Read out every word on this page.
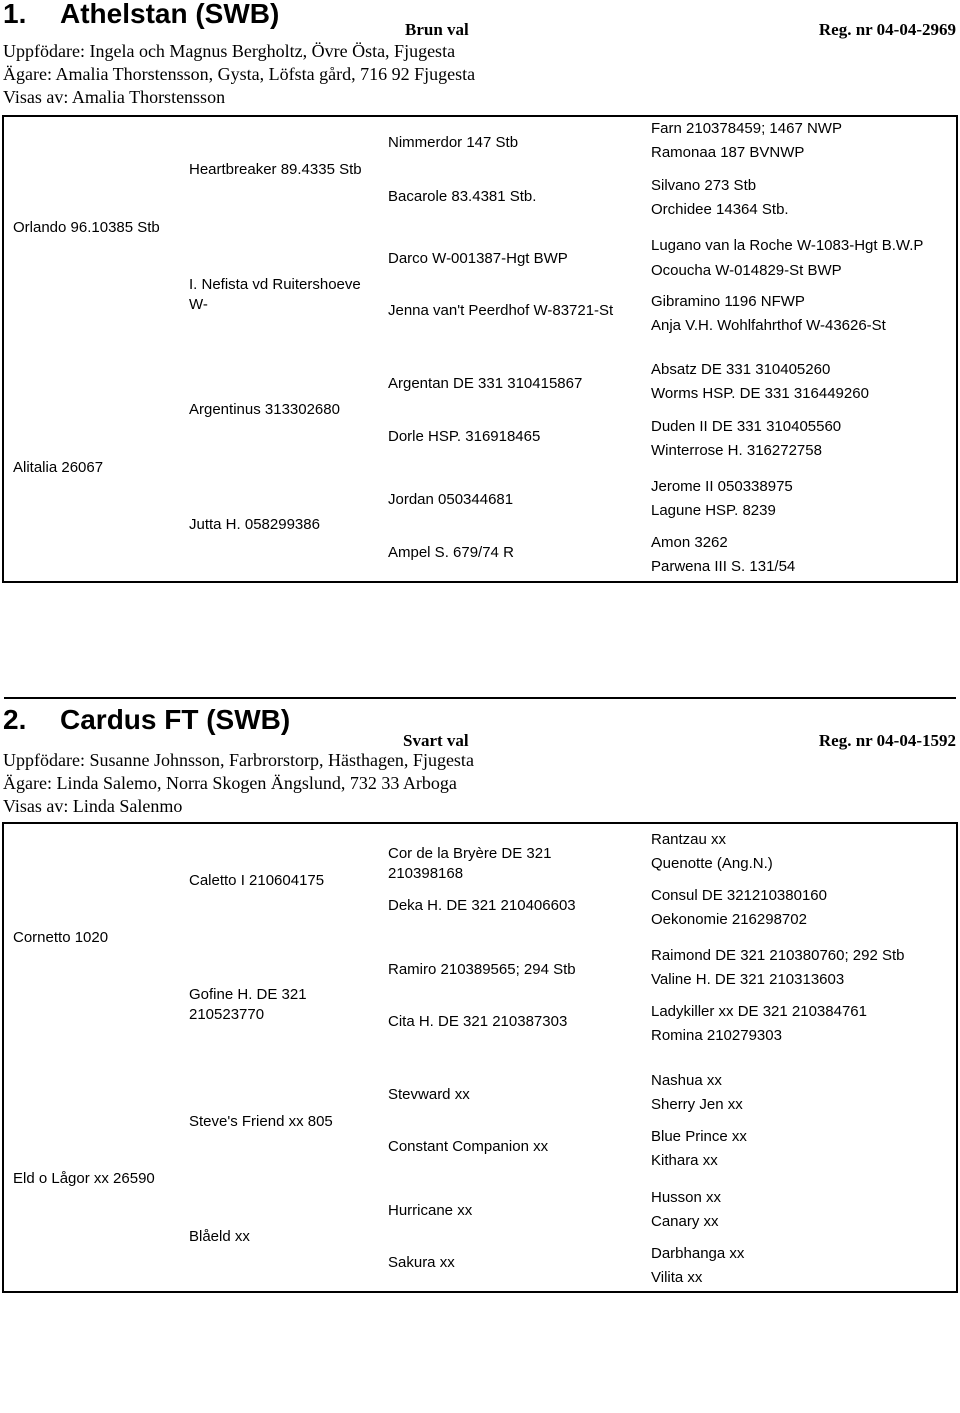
1. Athelstan (SWB)
Brun val	Reg. nr 04-04-2969
Uppfödare: Ingela och Magnus Bergholtz, Övre Östa, Fjugesta
Ägare: Amalia Thorstensson, Gysta, Löfsta gård, 716 92 Fjugesta
Visas av: Amalia Thorstensson
Orlando 96.10385 Stb
Alitalia 26067
Heartbreaker 89.4335 Stb
I. Nefista vd Ruitershoeve W-
Argentinus 313302680
Jutta H. 058299386
Nimmerdor 147 Stb
Bacarole 83.4381 Stb.
Darco W-001387-Hgt BWP
Jenna van't Peerdhof W-83721-St
Argentan DE 331 310415867
Dorle HSP. 316918465
Jordan 050344681
Ampel S. 679/74 R
Farn 210378459; 1467 NWP
Ramonaa 187 BVNWP
Silvano 273 Stb
Orchidee 14364 Stb.
Lugano van la Roche W-1083-Hgt B.W.P
Ocoucha W-014829-St BWP
Gibramino 1196 NFWP
Anja V.H. Wohlfahrthof W-43626-St
Absatz DE 331 310405260
Worms HSP. DE 331 316449260
Duden II DE 331 310405560
Winterrose H. 316272758
Jerome II 050338975
Lagune HSP. 8239
Amon 3262
Parwena III S. 131/54
2. Cardus FT (SWB)
Svart val	Reg. nr 04-04-1592
Uppfödare: Susanne Johnsson, Farbrorstorp, Hästhagen, Fjugesta
Ägare: Linda Salemo, Norra Skogen Ängslund, 732 33 Arboga
Visas av: Linda Salenmo
Cornetto 1020
Eld o Lågor xx 26590
Caletto I 210604175
Gofine H. DE 321 210523770
Steve's Friend xx 805
Blåeld xx
Cor de la Bryère DE 321 210398168
Deka H. DE 321 210406603
Ramiro 210389565; 294 Stb
Cita H. DE 321 210387303
Stevward xx
Constant Companion xx
Hurricane xx
Sakura xx
Rantzau xx
Quenotte (Ang.N.)
Consul DE 321210380160
Oekonomie 216298702
Raimond DE 321 210380760; 292 Stb
Valine H. DE 321 210313603
Ladykiller xx DE 321 210384761
Romina 210279303
Nashua xx
Sherry Jen xx
Blue Prince xx
Kithara xx
Husson xx
Canary xx
Darbhanga xx
Vilita xx
